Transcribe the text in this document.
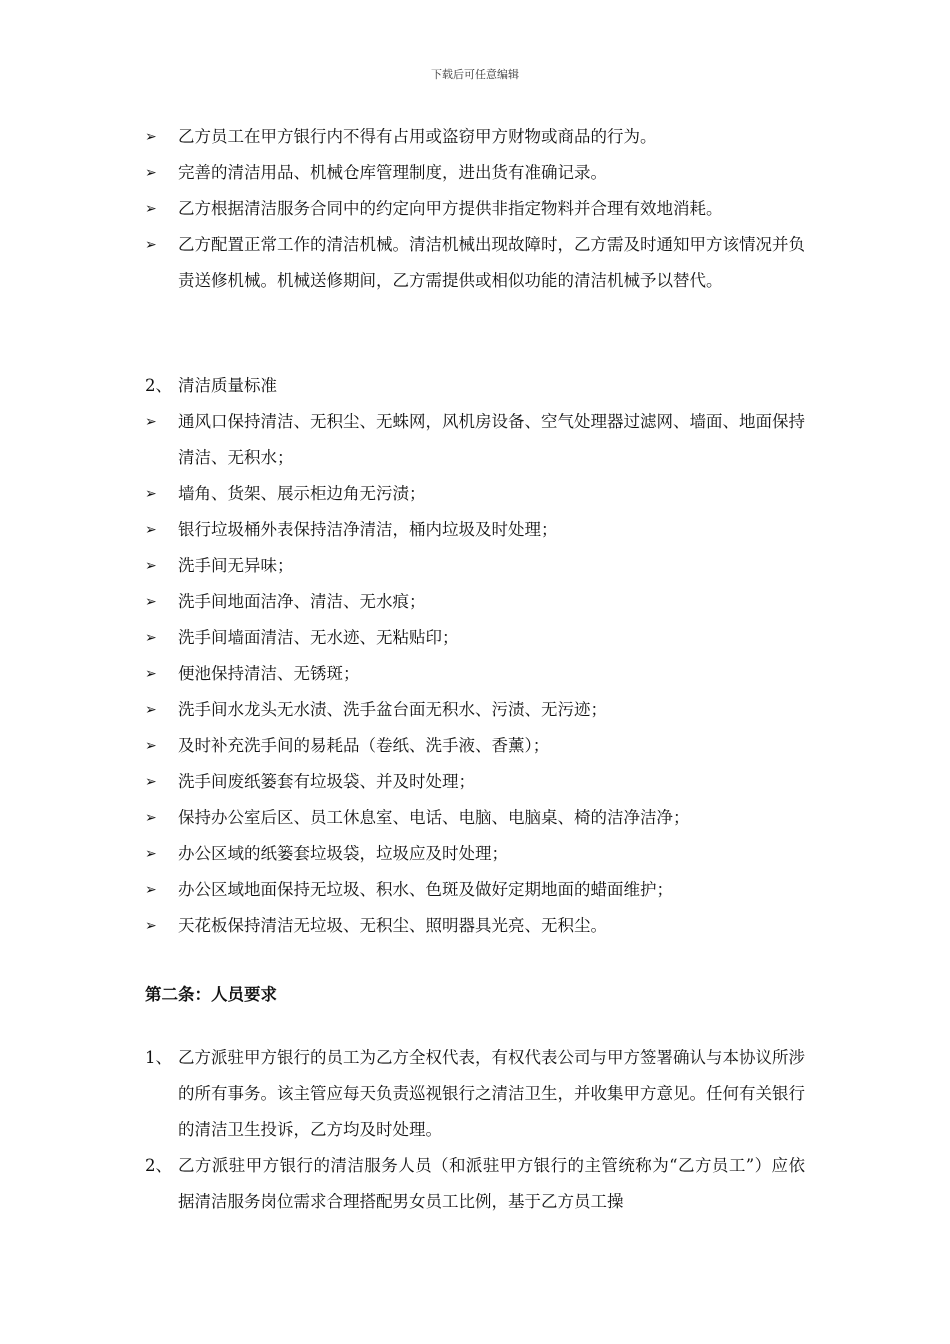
下载后可任意编辑
➢ 乙方员工在甲方银行内不得有占用或盗窃甲方财物或商品的行为。
➢ 完善的清洁用品、机械仓库管理制度，进出货有准确记录。
➢ 乙方根据清洁服务合同中的约定向甲方提供非指定物料并合理有效地消耗。
➢ 乙方配置正常工作的清洁机械。清洁机械出现故障时，乙方需及时通知甲方该情况并负责送修机械。机械送修期间，乙方需提供或相似功能的清洁机械予以替代。
2、 清洁质量标准
➢ 通风口保持清洁、无积尘、无蛛网，风机房设备、空气处理器过滤网、墙面、地面保持清洁、无积水；
➢ 墙角、货架、展示柜边角无污渍；
➢ 银行垃圾桶外表保持洁净清洁，桶内垃圾及时处理；
➢ 洗手间无异味；
➢ 洗手间地面洁净、清洁、无水痕；
➢ 洗手间墙面清洁、无水迹、无粘贴印；
➢ 便池保持清洁、无锈斑；
➢ 洗手间水龙头无水渍、洗手盆台面无积水、污渍、无污迹；
➢ 及时补充洗手间的易耗品（卷纸、洗手液、香薰）；
➢ 洗手间废纸篓套有垃圾袋、并及时处理；
➢ 保持办公室后区、员工休息室、电话、电脑、电脑桌、椅的洁净洁净；
➢ 办公区域的纸篓套垃圾袋，垃圾应及时处理；
➢ 办公区域地面保持无垃圾、积水、色斑及做好定期地面的蜡面维护；
➢ 天花板保持清洁无垃圾、无积尘、照明器具光亮、无积尘。
第二条：人员要求
1、 乙方派驻甲方银行的员工为乙方全权代表，有权代表公司与甲方签署确认与本协议所涉的所有事务。该主管应每天负责巡视银行之清洁卫生，并收集甲方意见。任何有关银行的清洁卫生投诉，乙方均及时处理。
2、 乙方派驻甲方银行的清洁服务人员（和派驻甲方银行的主管统称为“乙方员工”）应依据清洁服务岗位需求合理搭配男女员工比例，基于乙方员工操
